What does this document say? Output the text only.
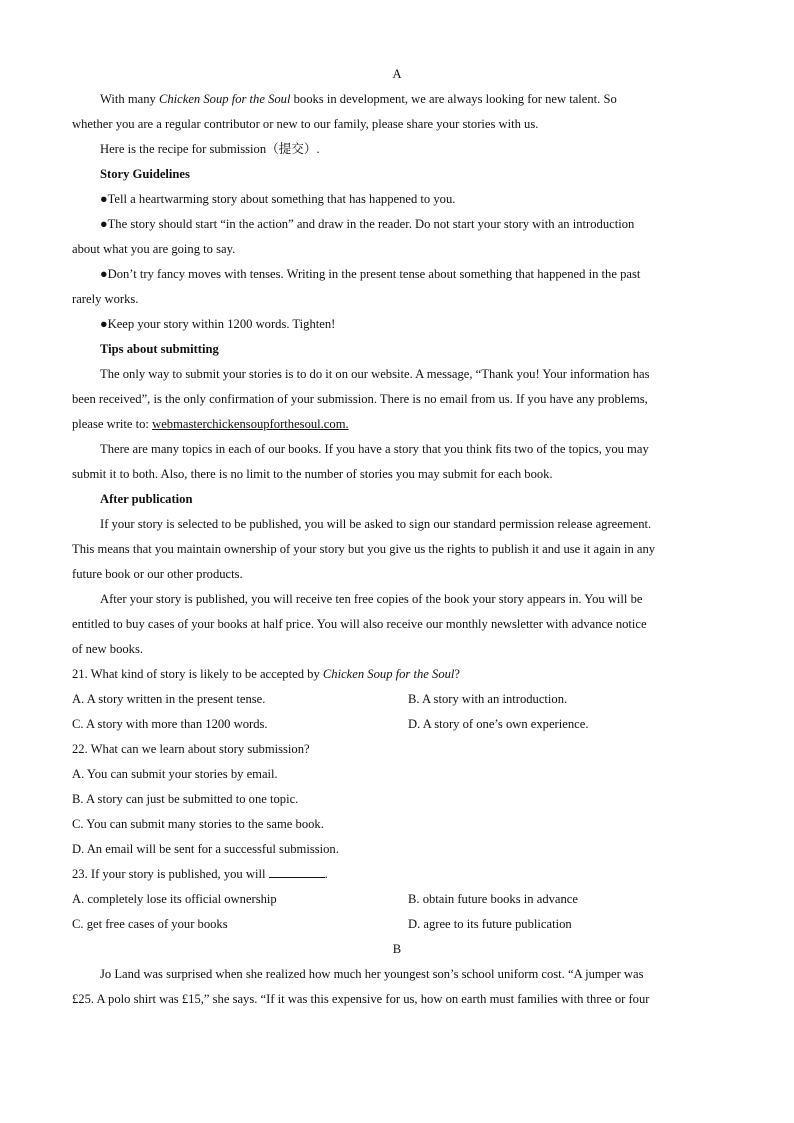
A
With many Chicken Soup for the Soul books in development, we are always looking for new talent. So
whether you are a regular contributor or new to our family, please share your stories with us.
Here is the recipe for submission（提交）.
Story Guidelines
●Tell a heartwarming story about something that has happened to you.
●The story should start “in the action” and draw in the reader. Do not start your story with an introduction
about what you are going to say.
●Don’t try fancy moves with tenses. Writing in the present tense about something that happened in the past
rarely works.
●Keep your story within 1200 words. Tighten!
Tips about submitting
The only way to submit your stories is to do it on our website. A message, “Thank you! Your information has
been received”, is the only confirmation of your submission. There is no email from us. If you have any problems,
please write to: webmasterchickensoupforthesoul.com.
There are many topics in each of our books. If you have a story that you think fits two of the topics, you may
submit it to both. Also, there is no limit to the number of stories you may submit for each book.
After publication
If your story is selected to be published, you will be asked to sign our standard permission release agreement.
This means that you maintain ownership of your story but you give us the rights to publish it and use it again in any
future book or our other products.
After your story is published, you will receive ten free copies of the book your story appears in. You will be
entitled to buy cases of your books at half price. You will also receive our monthly newsletter with advance notice
of new books.
21. What kind of story is likely to be accepted by Chicken Soup for the Soul?
A. A story written in the present tense.	B. A story with an introduction.
C. A story with more than 1200 words.	D. A story of one’s own experience.
22. What can we learn about story submission?
A. You can submit your stories by email.
B. A story can just be submitted to one topic.
C. You can submit many stories to the same book.
D. An email will be sent for a successful submission.
23. If your story is published, you will	.
A. completely lose its official ownership	B. obtain future books in advance
C. get free cases of your books	D. agree to its future publication
B
Jo Land was surprised when she realized how much her youngest son’s school uniform cost. “A jumper was
£25. A polo shirt was £15,” she says. “If it was this expensive for us, how on earth must families with three or four
